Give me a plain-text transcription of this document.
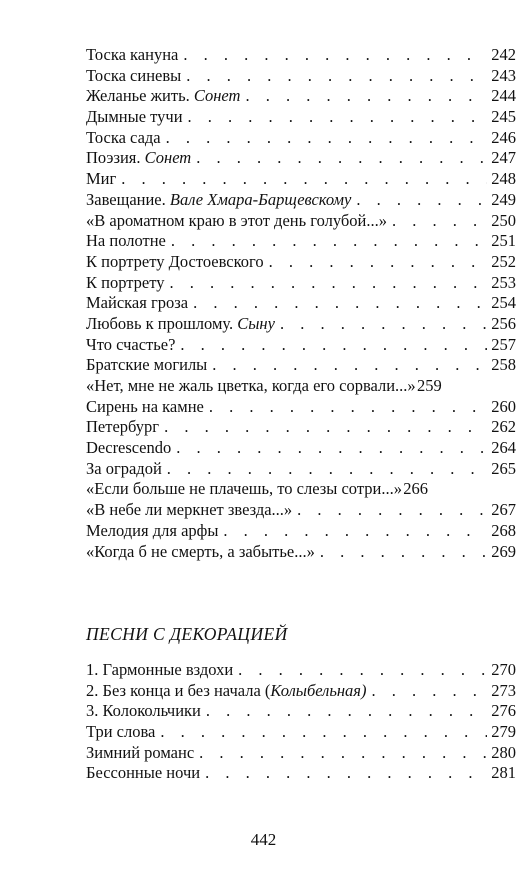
Тоска кануна . . .	242
Тоска синевы . . .	243
Желанье жить. Сонет . . .	244
Дымные тучи . . .	245
Тоска сада . . .	246
Поэзия. Сонет . . .	247
Миг . . .	248
Завещание. Вале Хмара-Барщевскому . . .	249
«В ароматном краю в этот день голубой...» . . .	250
На полотне . . .	251
К портрету Достоевского . . .	252
К портрету . . .	253
Майская гроза . . .	254
Любовь к прошлому. Сыну . . .	256
Что счастье? . . .	257
Братские могилы . . .	258
«Нет, мне не жаль цветка, когда его сорвали...» 259
Сирень на камне . . .	260
Петербург . . .	262
Decrescendo . . .	264
За оградой . . .	265
«Если больше не плачешь, то слезы сотри...» 266
«В небе ли меркнет звезда...» . . .	267
Мелодия для арфы . . .	268
«Когда б не смерть, а забытье...» . . .	269
ПЕСНИ С ДЕКОРАЦИЕЙ
1. Гармонные вздохи . . .	270
2. Без конца и без начала (Колыбельная) . . .	273
3. Колокольчики . . .	276
Три слова . . .	279
Зимний романс . . .	280
Бессонные ночи . . .	281
442
